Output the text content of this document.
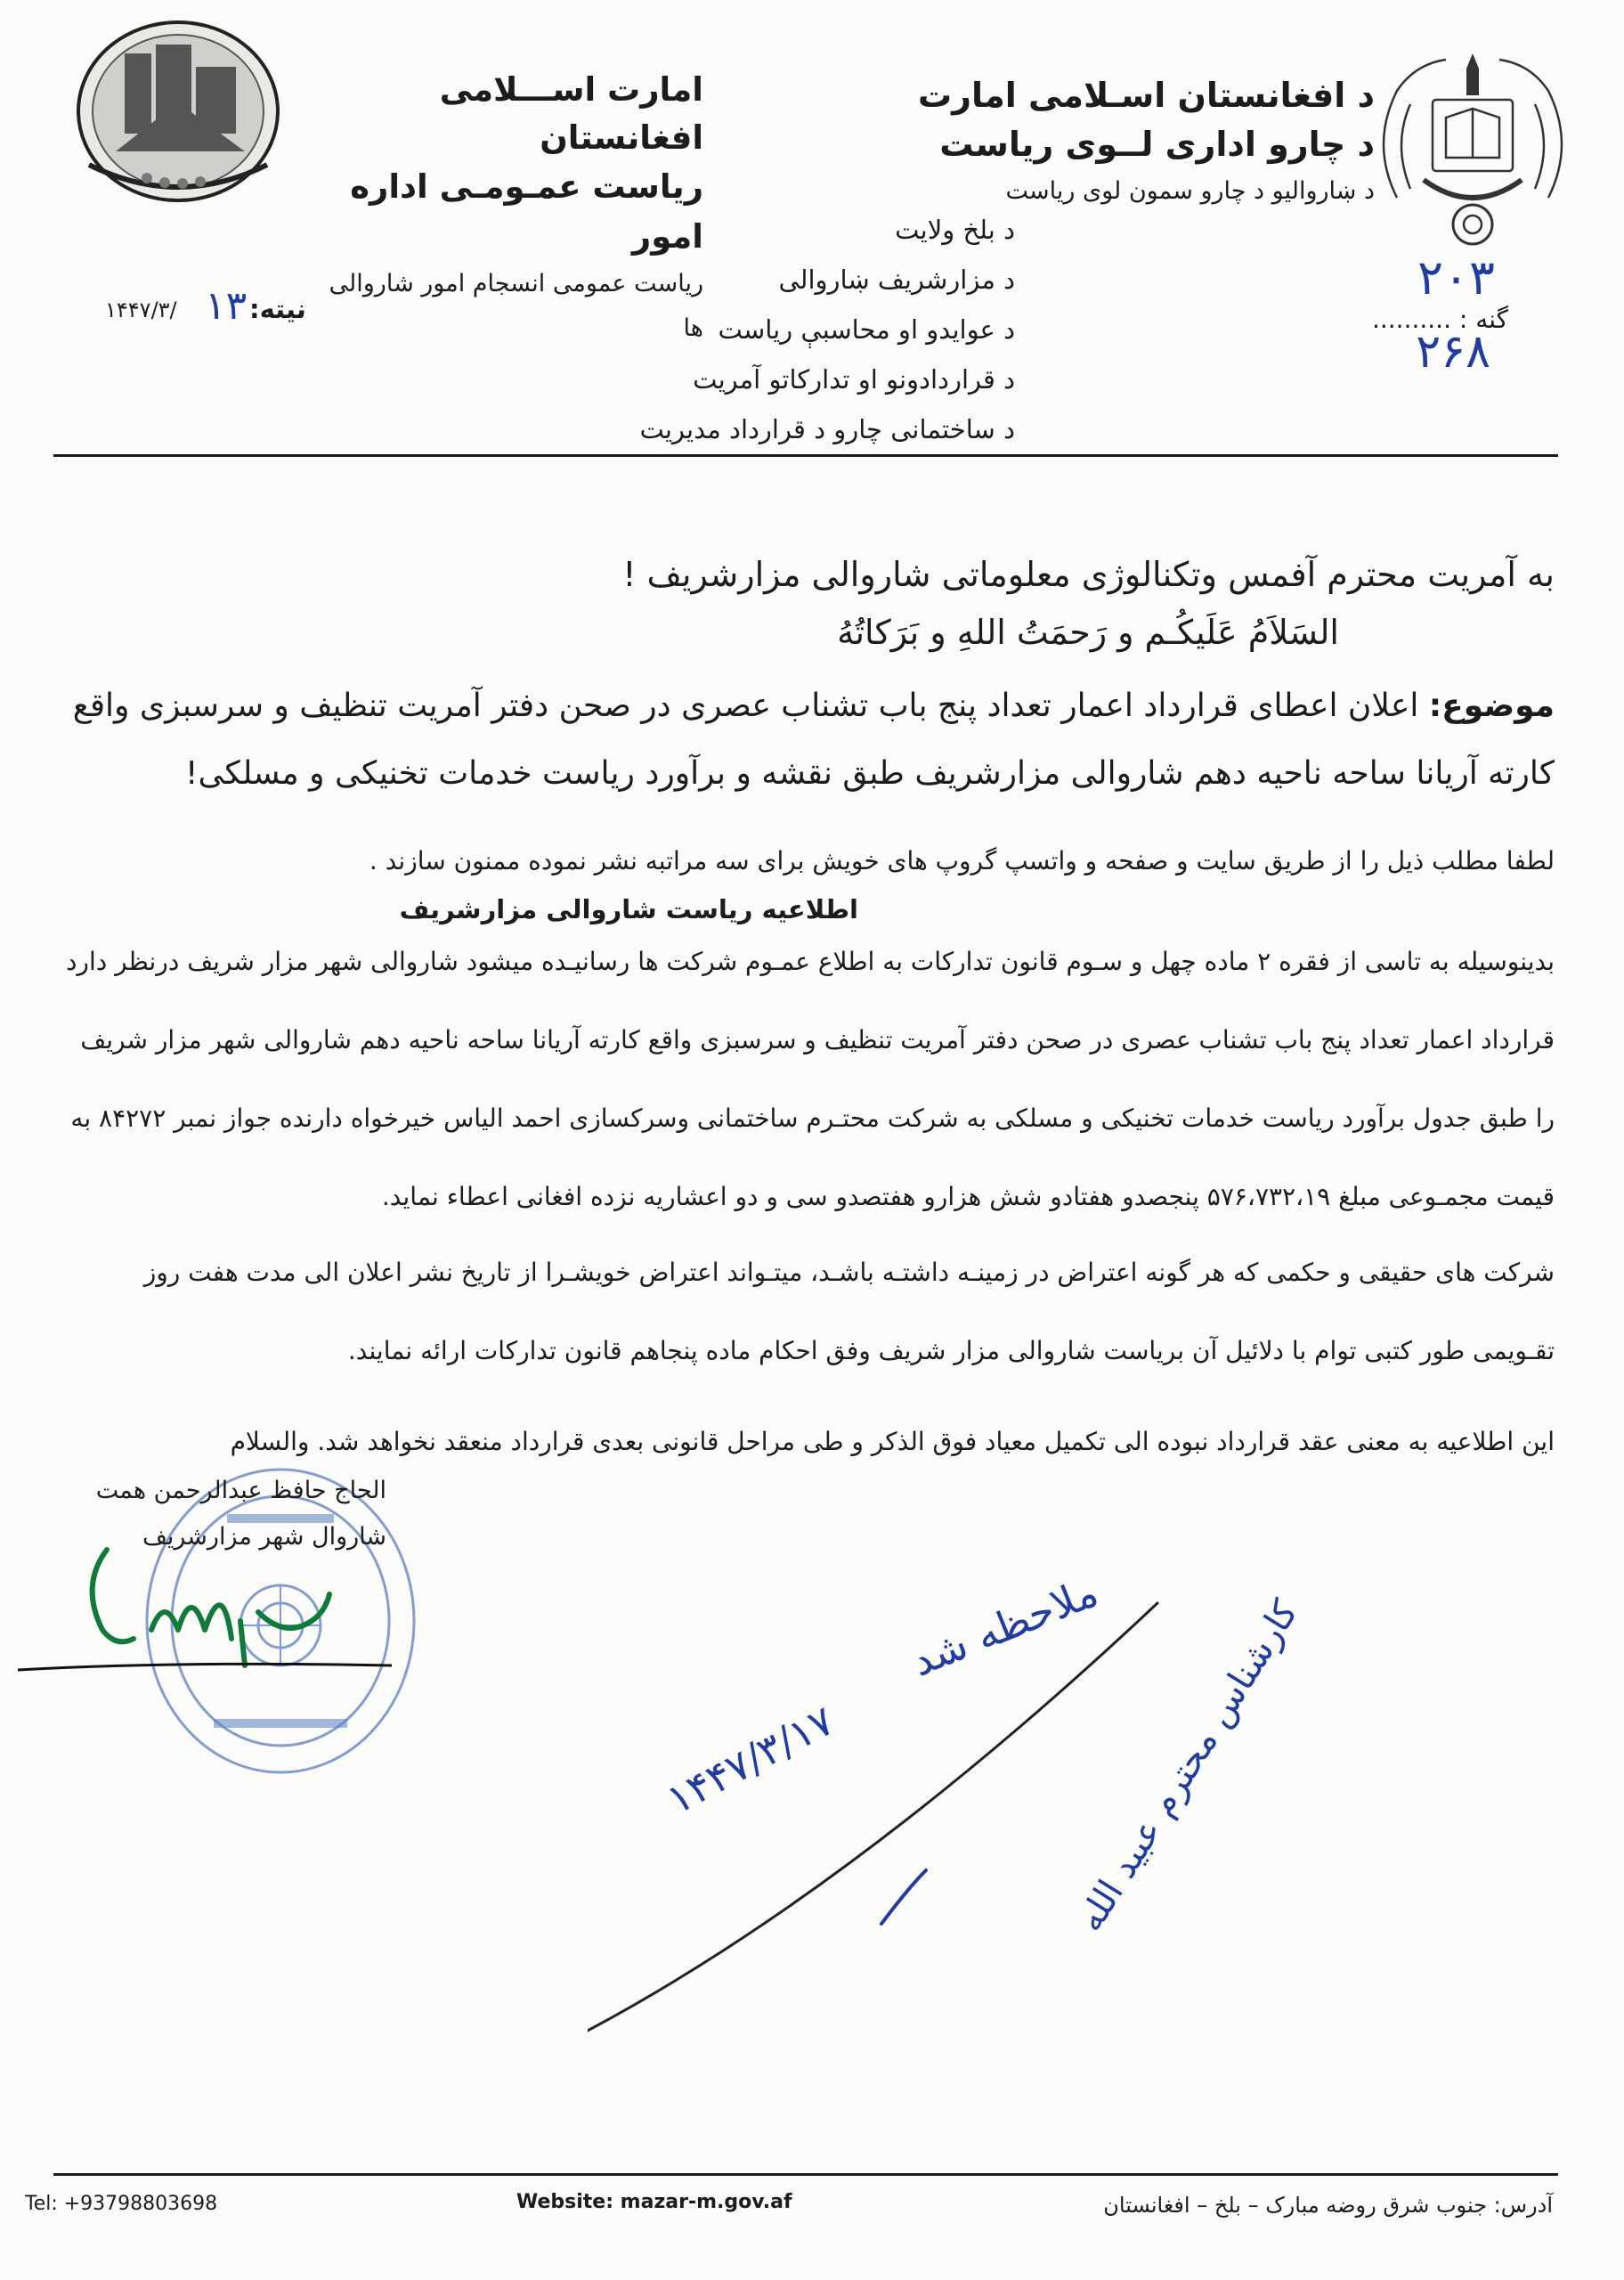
د افغانستان اسـلامی امارت
د چارو اداری لــوی ریاست
د ښاروالیو د چارو سمون لوی ریاست
امارت اســـلامی افغانستان
ریاست عمـومـی اداره امور
ریاست عمومی انسجام امور شاروالی ها
د بلخ ولایت
د مزارشریف ښاروالی
د عوایدو او محاسبې ریاست
د قراردادونو او تدارکاتو آمریت
د ساختمانی چارو د قرارداد مدیریت
۲۰۳
گنه : ..........
۲۶۸
نیته:
۱۳
۱۴۴۷/۳/
به آمریت محترم آفمس وتکنالوژی معلوماتی شاروالی مزارشریف !
السَلاَمُ عَلَیکُـم و رَحمَتُ اللهِ و بَرَکاتُهُ
موضوع: اعلان اعطای قرارداد اعمار تعداد پنج باب تشناب عصری در صحن دفتر آمریت تنظیف و سرسبزی واقع کارته آریانا ساحه ناحیه دهم شاروالی مزارشریف طبق نقشه و برآورد ریاست خدمات تخنیکی و مسلکی!
لطفا مطلب ذیل را از طریق سایت و صفحه و واتسپ گروپ های خویش برای سه مراتبه نشر نموده ممنون سازند .
اطلاعیه ریاست شاروالی مزارشریف
بدینوسیله به تاسی از فقره ۲ ماده چهل و سـوم قانون تدارکات به اطلاع عمـوم شرکت ها رسانیـده میشود شاروالی شهر مزار شریف درنظر دارد قرارداد اعمار تعداد پنج باب تشناب عصری در صحن دفتر آمریت تنظیف و سرسبزی واقع کارته آریانا ساحه ناحیه دهم شاروالی شهر مزار شریف را طبق جدول برآورد ریاست خدمات تخنیکی و مسلکی به شرکت محتـرم ساختمانی وسرکسازی احمد الیاس خیرخواه دارنده جواز نمبر ۸۴۲۷۲ به قیمت مجمـوعی مبلغ ۵۷۶،۷۳۲،۱۹ پنجصدو هفتادو شش هزارو هفتصدو سی و دو اعشاریه نزده افغانی اعطاء نماید.
شرکت های حقیقی و حکمی که هر گونه اعتراض در زمینـه داشتـه باشـد، میتـواند اعتراض خویشـرا از تاریخ نشر اعلان الی مدت هفت روز تقـویمی طور کتبی توام با دلائیل آن بریاست شاروالی مزار شریف وفق احکام ماده پنجاهم قانون تدارکات ارائه نمایند.
این اطلاعیه به معنی عقد قرارداد نبوده الی تکمیل معیاد فوق الذکر و طی مراحل قانونی بعدی قرارداد منعقد نخواهد شد. والسلام
الحاج حافظ عبدالرحمن همت
شاروال شهر مزارشریف
ملاحظه شد
کارشناس محترم عبید الله
۱۴۴۷/۳/۱۷
Tel: +93798803698	Website: mazar-m.gov.af	آدرس: جنوب شرق روضه مبارک – بلخ – افغانستان
